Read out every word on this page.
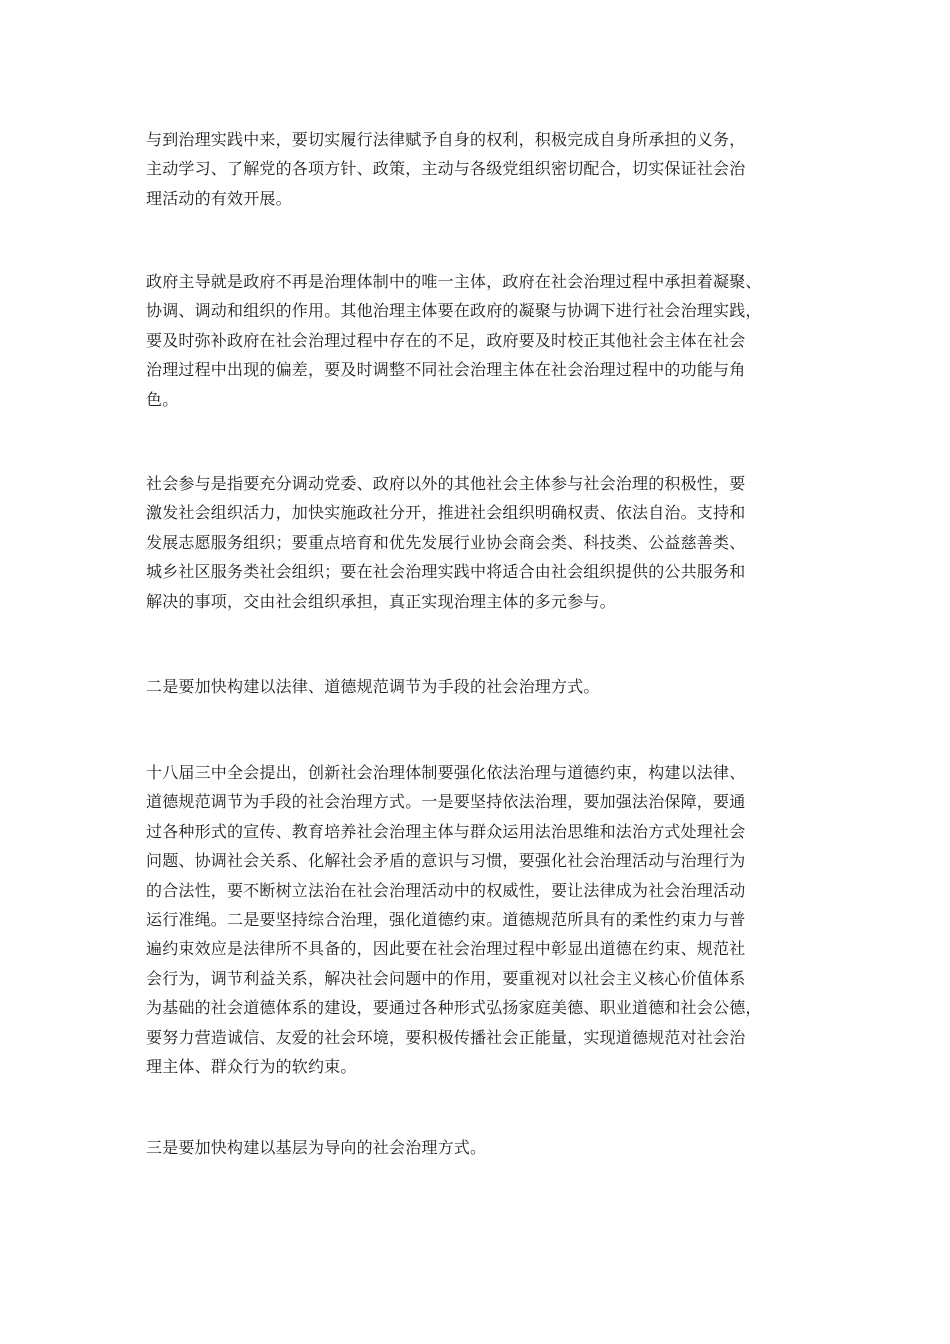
与到治理实践中来，要切实履行法律赋予自身的权利，积极完成自身所承担的义务，
主动学习、了解党的各项方针、政策，主动与各级党组织密切配合，切实保证社会治
理活动的有效开展。

政府主导就是政府不再是治理体制中的唯一主体，政府在社会治理过程中承担着凝聚、
协调、调动和组织的作用。其他治理主体要在政府的凝聚与协调下进行社会治理实践，
要及时弥补政府在社会治理过程中存在的不足，政府要及时校正其他社会主体在社会
治理过程中出现的偏差，要及时调整不同社会治理主体在社会治理过程中的功能与角
色。

社会参与是指要充分调动党委、政府以外的其他社会主体参与社会治理的积极性，要
激发社会组织活力，加快实施政社分开，推进社会组织明确权责、依法自治。支持和
发展志愿服务组织；要重点培育和优先发展行业协会商会类、科技类、公益慈善类、
城乡社区服务类社会组织；要在社会治理实践中将适合由社会组织提供的公共服务和
解决的事项，交由社会组织承担，真正实现治理主体的多元参与。

二是要加快构建以法律、道德规范调节为手段的社会治理方式。

十八届三中全会提出，创新社会治理体制要强化依法治理与道德约束，构建以法律、
道德规范调节为手段的社会治理方式。一是要坚持依法治理，要加强法治保障，要通
过各种形式的宣传、教育培养社会治理主体与群众运用法治思维和法治方式处理社会
问题、协调社会关系、化解社会矛盾的意识与习惯，要强化社会治理活动与治理行为
的合法性，要不断树立法治在社会治理活动中的权威性，要让法律成为社会治理活动
运行准绳。二是要坚持综合治理，强化道德约束。道德规范所具有的柔性约束力与普
遍约束效应是法律所不具备的，因此要在社会治理过程中彰显出道德在约束、规范社
会行为，调节利益关系，解决社会问题中的作用，要重视对以社会主义核心价值体系
为基础的社会道德体系的建设，要通过各种形式弘扬家庭美德、职业道德和社会公德，
要努力营造诚信、友爱的社会环境，要积极传播社会正能量，实现道德规范对社会治
理主体、群众行为的软约束。

三是要加快构建以基层为导向的社会治理方式。
